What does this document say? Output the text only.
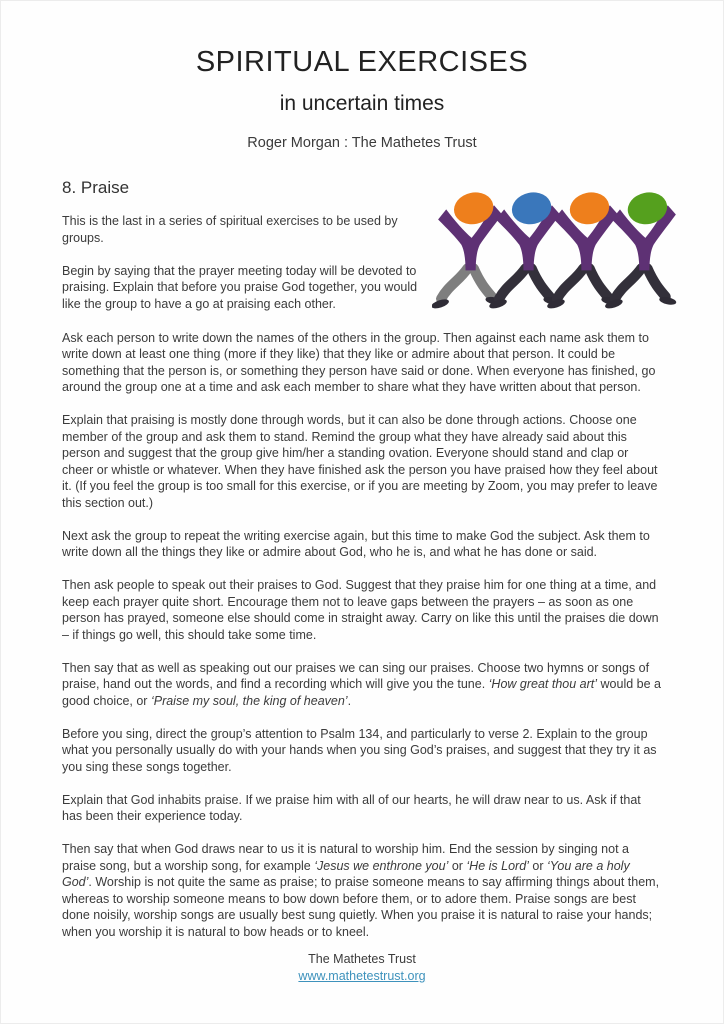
SPIRITUAL EXERCISES
in uncertain times
Roger Morgan : The Mathetes Trust
8. Praise

This is the last in a series of spiritual exercises to be used by groups.

Begin by saying that the prayer meeting today will be devoted to praising. Explain that before you praise God together, you would like the group to have a go at praising each other.

Ask each person to write down the names of the others in the group. Then against each name ask them to write down at least one thing (more if they like) that they like or admire about that person. It could be something that the person is, or something they person have said or done. When everyone has finished, go around the group one at a time and ask each member to share what they have written about that person.

Explain that praising is mostly done through words, but it can also be done through actions. Choose one member of the group and ask them to stand. Remind the group what they have already said about this person and suggest that the group give him/her a standing ovation. Everyone should stand and clap or cheer or whistle or whatever. When they have finished ask the person you have praised how they feel about it. (If you feel the group is too small for this exercise, or if you are meeting by Zoom, you may prefer to leave this section out.)

Next ask the group to repeat the writing exercise again, but this time to make God the subject. Ask them to write down all the things they like or admire about God, who he is, and what he has done or said.

Then ask people to speak out their praises to God. Suggest that they praise him for one thing at a time, and keep each prayer quite short. Encourage them not to leave gaps between the prayers – as soon as one person has prayed, someone else should come in straight away. Carry on like this until the praises die down – if things go well, this should take some time.

Then say that as well as speaking out our praises we can sing our praises. Choose two hymns or songs of praise, hand out the words, and find a recording which will give you the tune. ‘How great thou art’ would be a good choice, or ‘Praise my soul, the king of heaven’.

Before you sing, direct the group’s attention to Psalm 134, and particularly to verse 2. Explain to the group what you personally usually do with your hands when you sing God’s praises, and suggest that they try it as you sing these songs together.

Explain that God inhabits praise. If we praise him with all of our hearts, he will draw near to us. Ask if that has been their experience today.

Then say that when God draws near to us it is natural to worship him. End the session by singing not a praise song, but a worship song, for example ‘Jesus we enthrone you’ or ‘He is Lord’ or ‘You are a holy God’. Worship is not quite the same as praise; to praise someone means to say affirming things about them, whereas to worship someone means to bow down before them, or to adore them. Praise songs are best done noisily, worship songs are usually best sung quietly. When you praise it is natural to raise your hands; when you worship it is natural to bow heads or to kneel.

The Mathetes Trust
www.mathetestrust.org
